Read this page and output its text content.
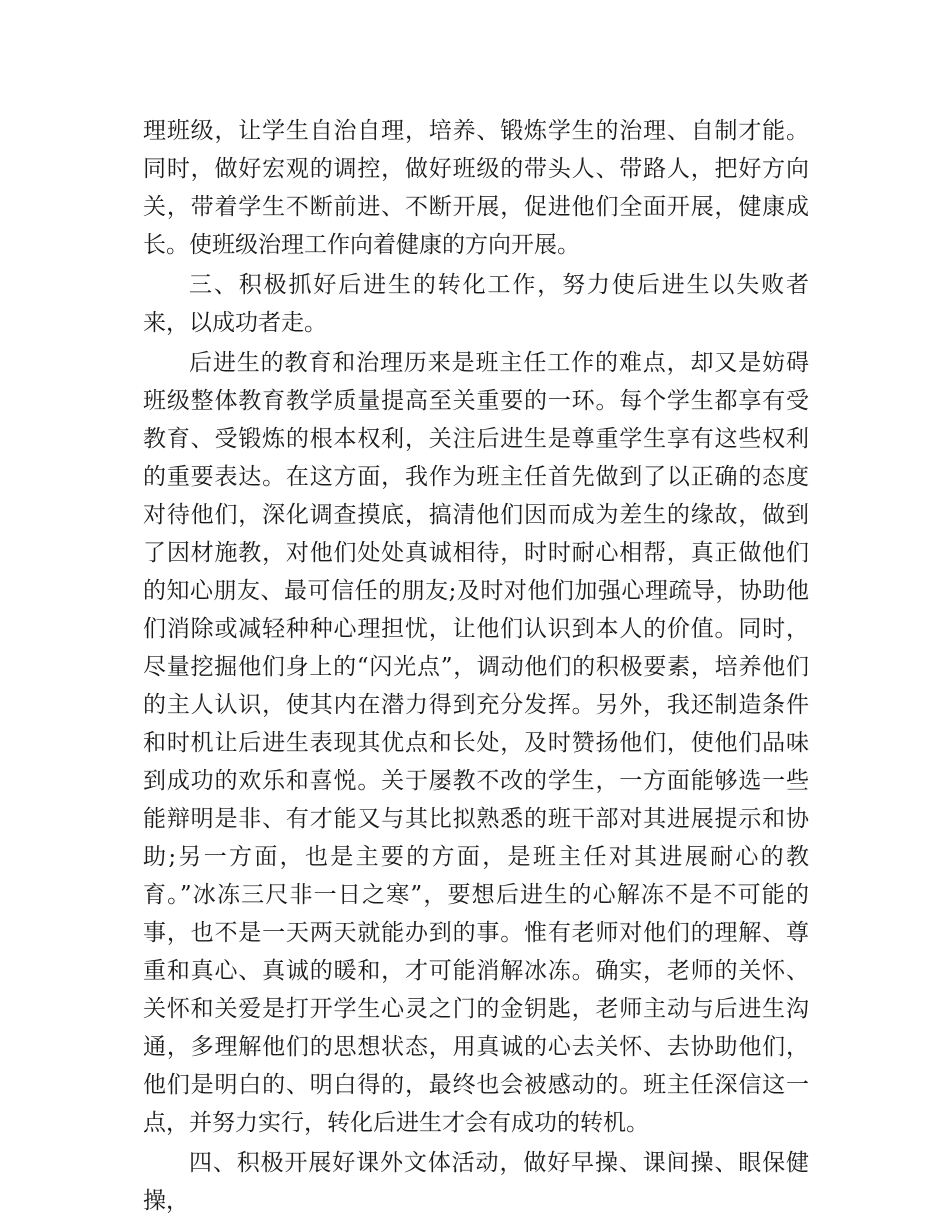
理班级，让学生自治自理，培养、锻炼学生的治理、自制才能。同时，做好宏观的调控，做好班级的带头人、带路人，把好方向关，带着学生不断前进、不断开展，促进他们全面开展，健康成长。使班级治理工作向着健康的方向开展。

三、积极抓好后进生的转化工作，努力使后进生以失败者来，以成功者走。

后进生的教育和治理历来是班主任工作的难点，却又是妨碍班级整体教育教学质量提高至关重要的一环。每个学生都享有受教育、受锻炼的根本权利，关注后进生是尊重学生享有这些权利的重要表达。在这方面，我作为班主任首先做到了以正确的态度对待他们，深化调查摸底，搞清他们因而成为差生的缘故，做到了因材施教，对他们处处真诚相待，时时耐心相帮，真正做他们的知心朋友、最可信任的朋友;及时对他们加强心理疏导，协助他们消除或减轻种种心理担忧，让他们认识到本人的价值。同时，尽量挖掘他们身上的“闪光点”，调动他们的积极要素，培养他们的主人认识，使其内在潜力得到充分发挥。另外，我还制造条件和时机让后进生表现其优点和长处，及时赞扬他们，使他们品味到成功的欢乐和喜悦。关于屡教不改的学生，一方面能够选一些能辩明是非、有才能又与其比拟熟悉的班干部对其进展提示和协助;另一方面，也是主要的方面，是班主任对其进展耐心的教育。”冰冻三尺非一日之寒”，要想后进生的心解冻不是不可能的事，也不是一天两天就能办到的事。惟有老师对他们的理解、尊重和真心、真诚的暖和，才可能消解冰冻。确实，老师的关怀、关怀和关爱是打开学生心灵之门的金钥匙，老师主动与后进生沟通，多理解他们的思想状态，用真诚的心去关怀、去协助他们，他们是明白的、明白得的，最终也会被感动的。班主任深信这一点，并努力实行，转化后进生才会有成功的转机。

四、积极开展好课外文体活动，做好早操、课间操、眼保健操，
